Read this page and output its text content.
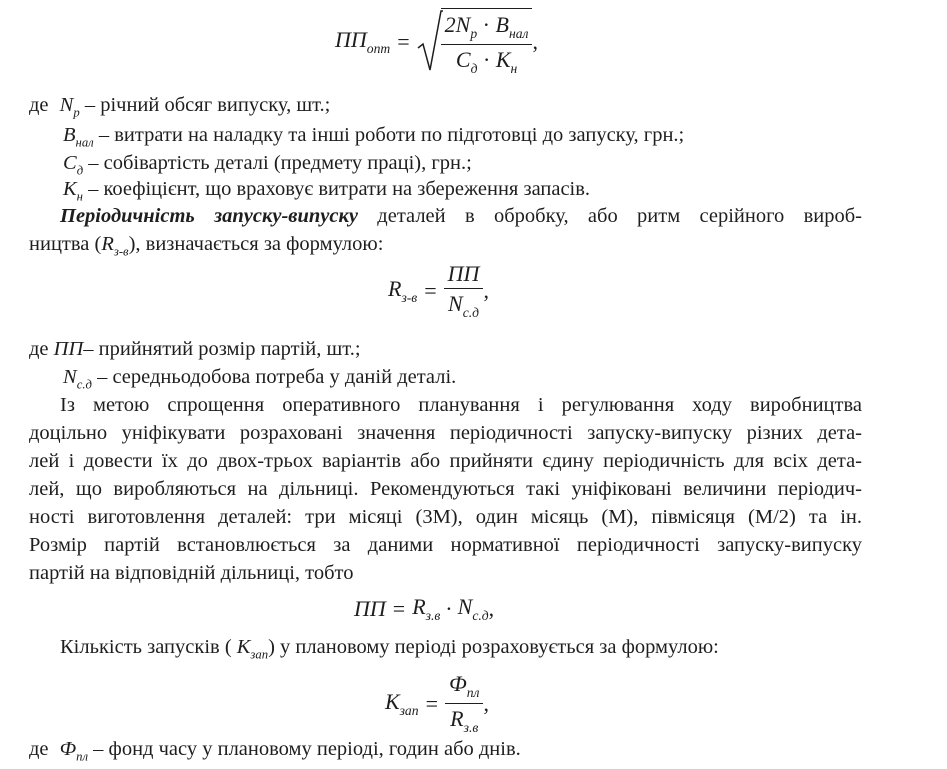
$ПП_{опт} = \frac{2N_р \cdot В_{нал}}{С_д \cdot К_н}$ ,
де $N_р$ – річний обсяг випуску, шт.;
$В_{нал}$ – витрати на наладку та інші роботи по підготовці до запуску, грн.;
$С_д$ – собівартість деталі (предмету праці), грн.;
$К_н$ – коефіцієнт, що враховує витрати на збереження запасів.
Періодичність запуску-випуску деталей в обробку, або ритм серійного вироб-
ництва $(R_{з-в})$, визначається за формулою:
$R_{з-в} = \frac{ПП}{N_{с.д}}$ ,
де ПП– прийнятий розмір партій, шт.;
$N_{с.д}$ – середньодобова потреба у даній деталі.
Із метою спрощення оперативного планування і регулювання ходу виробництва
доцільно уніфікувати розраховані значення періодичності запуску-випуску різних дета-
лей і довести їх до двох-трьох варіантів або прийняти єдину періодичність для всіх дета-
лей, що виробляються на дільниці. Рекомендуються такі уніфіковані величини періодич-
ності виготовлення деталей: три місяці (3М), один місяць (М), півмісяця (М/2) та ін.
Розмір партій встановлюється за даними нормативної періодичності запуску-випуску
партій на відповідній дільниці, тобто
ПП = $R_{з.в} \cdot N_{с.д}$ ,
Кількість запусків ( $К_{зап}$) у плановому періоді розраховується за формулою:
$К_{зап} = \frac{Ф_{пл}}{R_{з.в}}$ ,
де $Ф_{пл}$ – фонд часу у плановому періоді, годин або днів.
